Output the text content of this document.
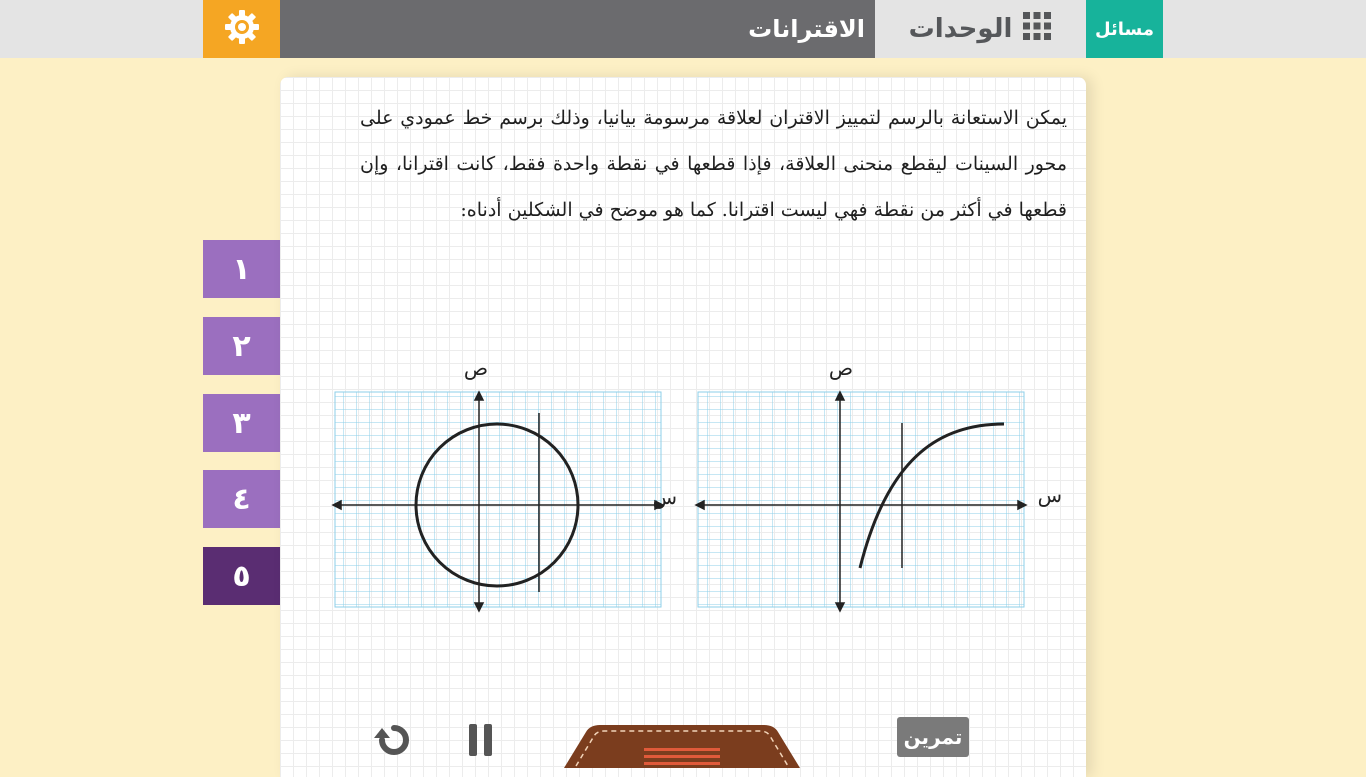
الاقترانات الوحدات	مسائل
١
٢
٣
٤
٥

يمكن الاستعانة بالرسم لتمييز الاقتران لعلاقة مرسومة بيانيا، وذلك برسم خط عمودي على محور السينات ليقطع منحنى العلاقة، فإذا قطعها في نقطة واحدة فقط، كانت اقترانا، وإن قطعها في أكثر من نقطة فهي ليست اقترانا. كما هو موضح في الشكلين أدناه:

ص
س
ص
س
تمرين
